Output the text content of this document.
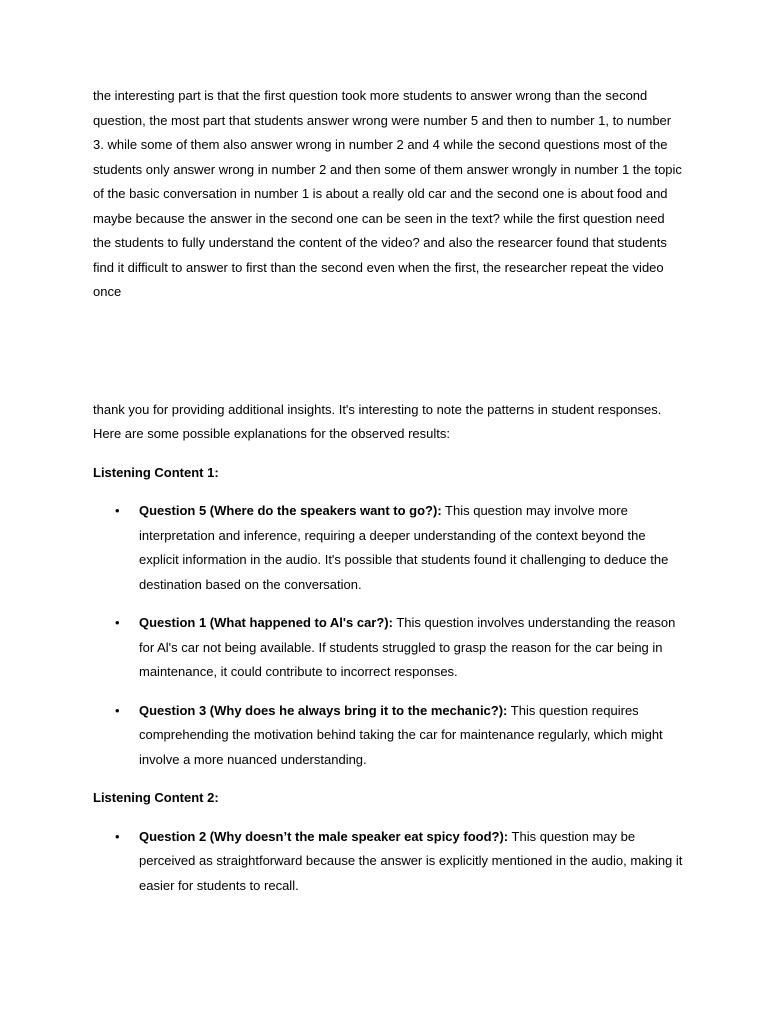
the interesting part is that the first question took more students to answer wrong than the second question, the most part that students answer wrong were number 5 and then to number 1, to number 3. while some of them also answer wrong in number 2 and 4 while the second questions most of the students only answer wrong in number 2 and then some of them answer wrongly in number 1 the topic of the basic conversation in number 1 is about a really old car and the second one is about food and maybe because the answer in the second one can be seen in the text? while the first question need the students to fully understand the content of the video? and also the researcer found that students find it difficult to answer to first than the second even when the first, the researcher repeat the video once

thank you for providing additional insights. It's interesting to note the patterns in student responses. Here are some possible explanations for the observed results:

Listening Content 1:

• Question 5 (Where do the speakers want to go?): This question may involve more interpretation and inference, requiring a deeper understanding of the context beyond the explicit information in the audio. It's possible that students found it challenging to deduce the destination based on the conversation.
• Question 1 (What happened to Al's car?): This question involves understanding the reason for Al's car not being available. If students struggled to grasp the reason for the car being in maintenance, it could contribute to incorrect responses.
• Question 3 (Why does he always bring it to the mechanic?): This question requires comprehending the motivation behind taking the car for maintenance regularly, which might involve a more nuanced understanding.

Listening Content 2:

• Question 2 (Why doesn’t the male speaker eat spicy food?): This question may be perceived as straightforward because the answer is explicitly mentioned in the audio, making it easier for students to recall.
